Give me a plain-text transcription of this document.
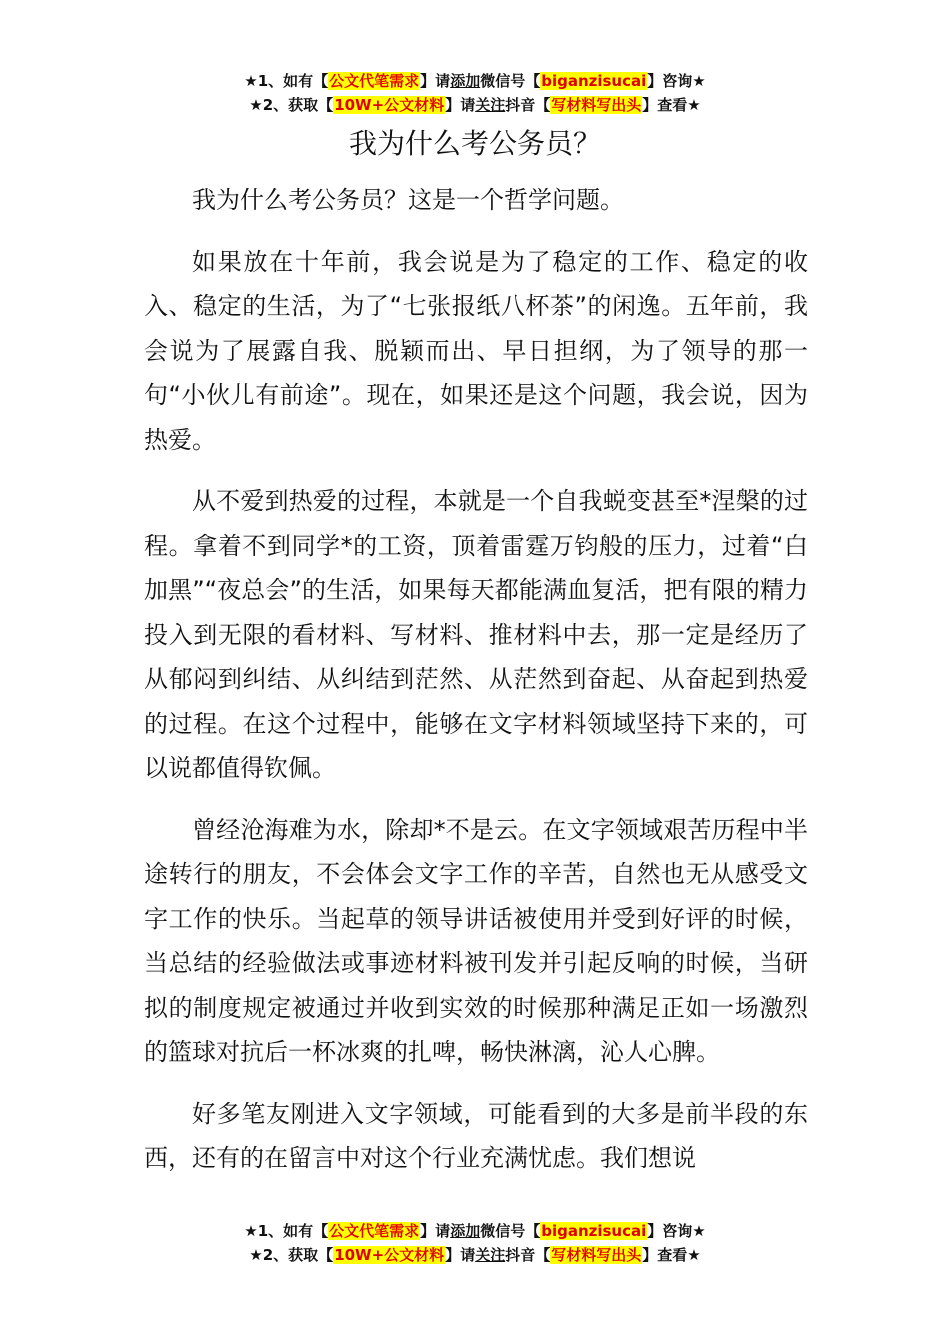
★1、如有【公文代笔需求】请添加微信号【biganzisucai】咨询★
★2、获取【10W+公文材料】请关注抖音【写材料写出头】查看★
我为什么考公务员？

我为什么考公务员？这是一个哲学问题。

如果放在十年前，我会说是为了稳定的工作、稳定的收入、稳定的生活，为了“七张报纸八杯茶”的闲逸。五年前，我会说为了展露自我、脱颖而出、早日担纲，为了领导的那一句“小伙儿有前途”。现在，如果还是这个问题，我会说，因为热爱。

从不爱到热爱的过程，本就是一个自我蜕变甚至*涅槃的过程。拿着不到同学*的工资，顶着雷霆万钧般的压力，过着“白加黑”“夜总会”的生活，如果每天都能满血复活，把有限的精力投入到无限的看材料、写材料、推材料中去，那一定是经历了从郁闷到纠结、从纠结到茫然、从茫然到奋起、从奋起到热爱的过程。在这个过程中，能够在文字材料领域坚持下来的，可以说都值得钦佩。

曾经沧海难为水，除却*不是云。在文字领域艰苦历程中半途转行的朋友，不会体会文字工作的辛苦，自然也无从感受文字工作的快乐。当起草的领导讲话被使用并受到好评的时候，当总结的经验做法或事迹材料被刊发并引起反响的时候，当研拟的制度规定被通过并收到实效的时候那种满足正如一场激烈的篮球对抗后一杯冰爽的扎啤，畅快淋漓，沁人心脾。

好多笔友刚进入文字领域，可能看到的大多是前半段的东西，还有的在留言中对这个行业充满忧虑。我们想说

★1、如有【公文代笔需求】请添加微信号【biganzisucai】咨询★
★2、获取【10W+公文材料】请关注抖音【写材料写出头】查看★
